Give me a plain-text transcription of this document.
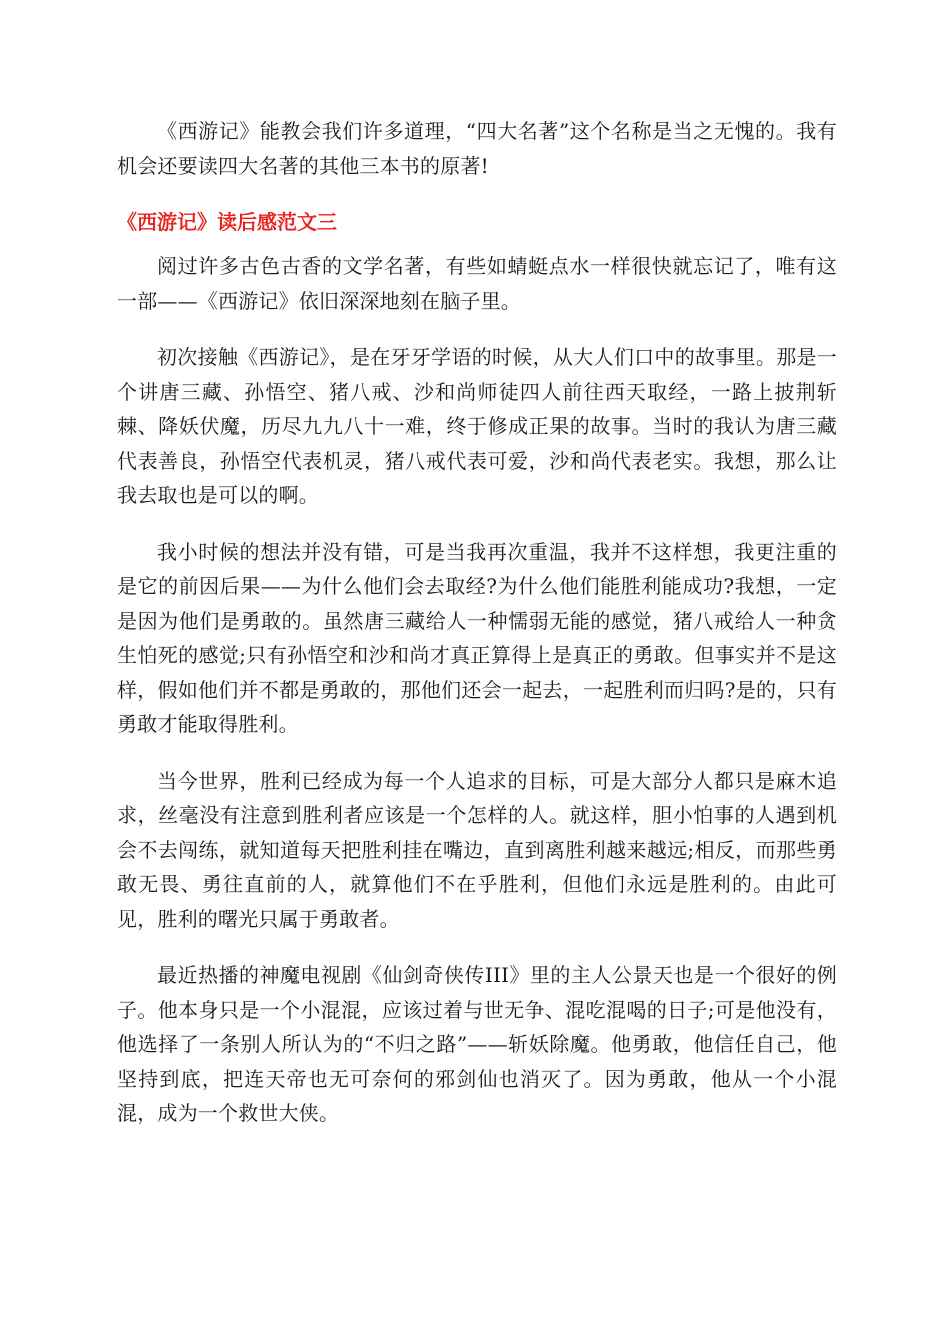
《西游记》能教会我们许多道理，“四大名著”这个名称是当之无愧的。我有机会还要读四大名著的其他三本书的原著!

《西游记》读后感范文三

阅过许多古色古香的文学名著，有些如蜻蜓点水一样很快就忘记了，唯有这一部——《西游记》依旧深深地刻在脑子里。

初次接触《西游记》，是在牙牙学语的时候，从大人们口中的故事里。那是一个讲唐三藏、孙悟空、猪八戒、沙和尚师徒四人前往西天取经，一路上披荆斩棘、降妖伏魔，历尽九九八十一难，终于修成正果的故事。当时的我认为唐三藏代表善良，孙悟空代表机灵，猪八戒代表可爱，沙和尚代表老实。我想，那么让我去取也是可以的啊。

我小时候的想法并没有错，可是当我再次重温，我并不这样想，我更注重的是它的前因后果——为什么他们会去取经?为什么他们能胜利能成功?我想，一定是因为他们是勇敢的。虽然唐三藏给人一种懦弱无能的感觉，猪八戒给人一种贪生怕死的感觉;只有孙悟空和沙和尚才真正算得上是真正的勇敢。但事实并不是这样，假如他们并不都是勇敢的，那他们还会一起去，一起胜利而归吗?是的，只有勇敢才能取得胜利。

当今世界，胜利已经成为每一个人追求的目标，可是大部分人都只是麻木追求，丝毫没有注意到胜利者应该是一个怎样的人。就这样，胆小怕事的人遇到机会不去闯练，就知道每天把胜利挂在嘴边，直到离胜利越来越远;相反，而那些勇敢无畏、勇往直前的人，就算他们不在乎胜利，但他们永远是胜利的。由此可见，胜利的曙光只属于勇敢者。

最近热播的神魔电视剧《仙剑奇侠传III》里的主人公景天也是一个很好的例子。他本身只是一个小混混，应该过着与世无争、混吃混喝的日子;可是他没有，他选择了一条别人所认为的“不归之路”——斩妖除魔。他勇敢，他信任自己，他坚持到底，把连天帝也无可奈何的邪剑仙也消灭了。因为勇敢，他从一个小混混，成为一个救世大侠。
